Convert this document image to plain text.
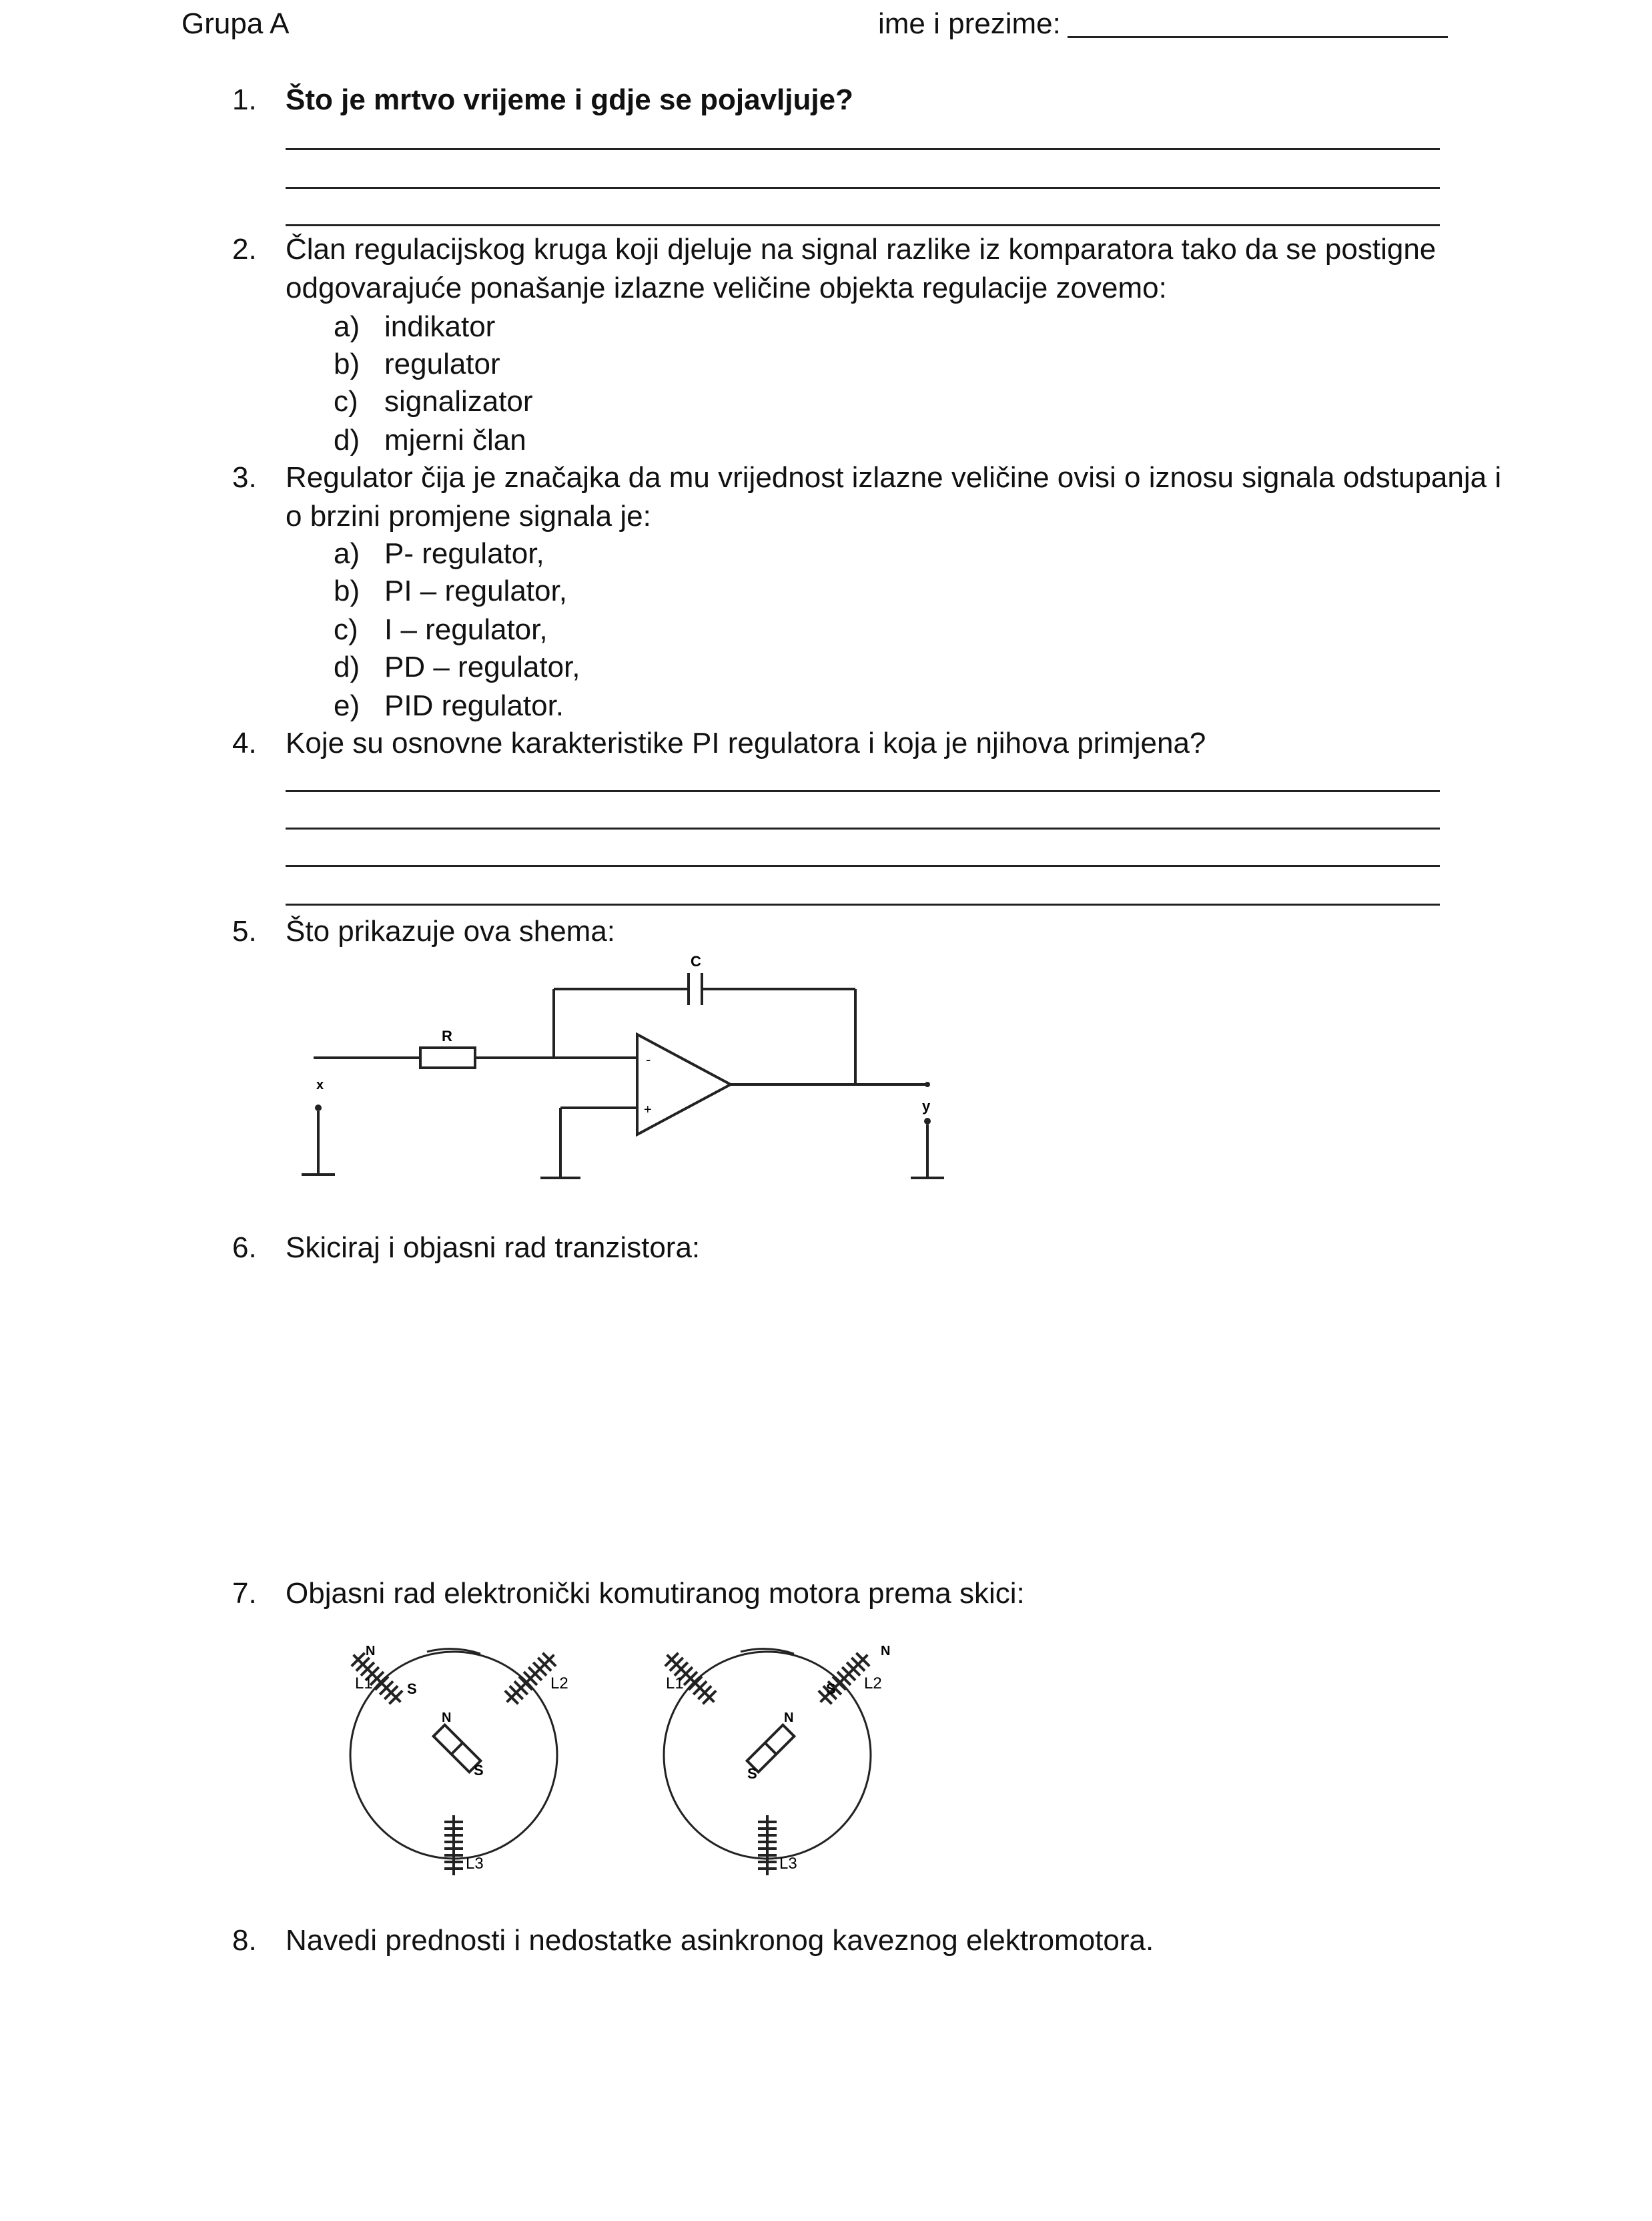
Grupa A	ime i prezime:
1. Što je mrtvo vrijeme i gdje se pojavljuje?
2. Član regulacijskog kruga koji djeluje na signal razlike iz komparatora tako da se postigne
odgovarajuće ponašanje izlazne veličine objekta regulacije zovemo:
a) indikator
b) regulator
c) signalizator
d) mjerni član
3. Regulator čija je značajka da mu vrijednost izlazne veličine ovisi o iznosu signala odstupanja i
o brzini promjene signala je:
a) P- regulator,
b) PI – regulator,
c) I – regulator,
d) PD – regulator,
e) PID regulator.
4. Koje su osnovne karakteristike PI regulatora i koja je njihova primjena?
5. Što prikazuje ova shema:
C
R
x
y
-
+
6. Skiciraj i objasni rad tranzistora:
7. Objasni rad elektronički komutiranog motora prema skici:
L1	L2
L3
N
S
N
S
L1	L2
L3
N
S
N
S
8. Navedi prednosti i nedostatke asinkronog kaveznog elektromotora.
